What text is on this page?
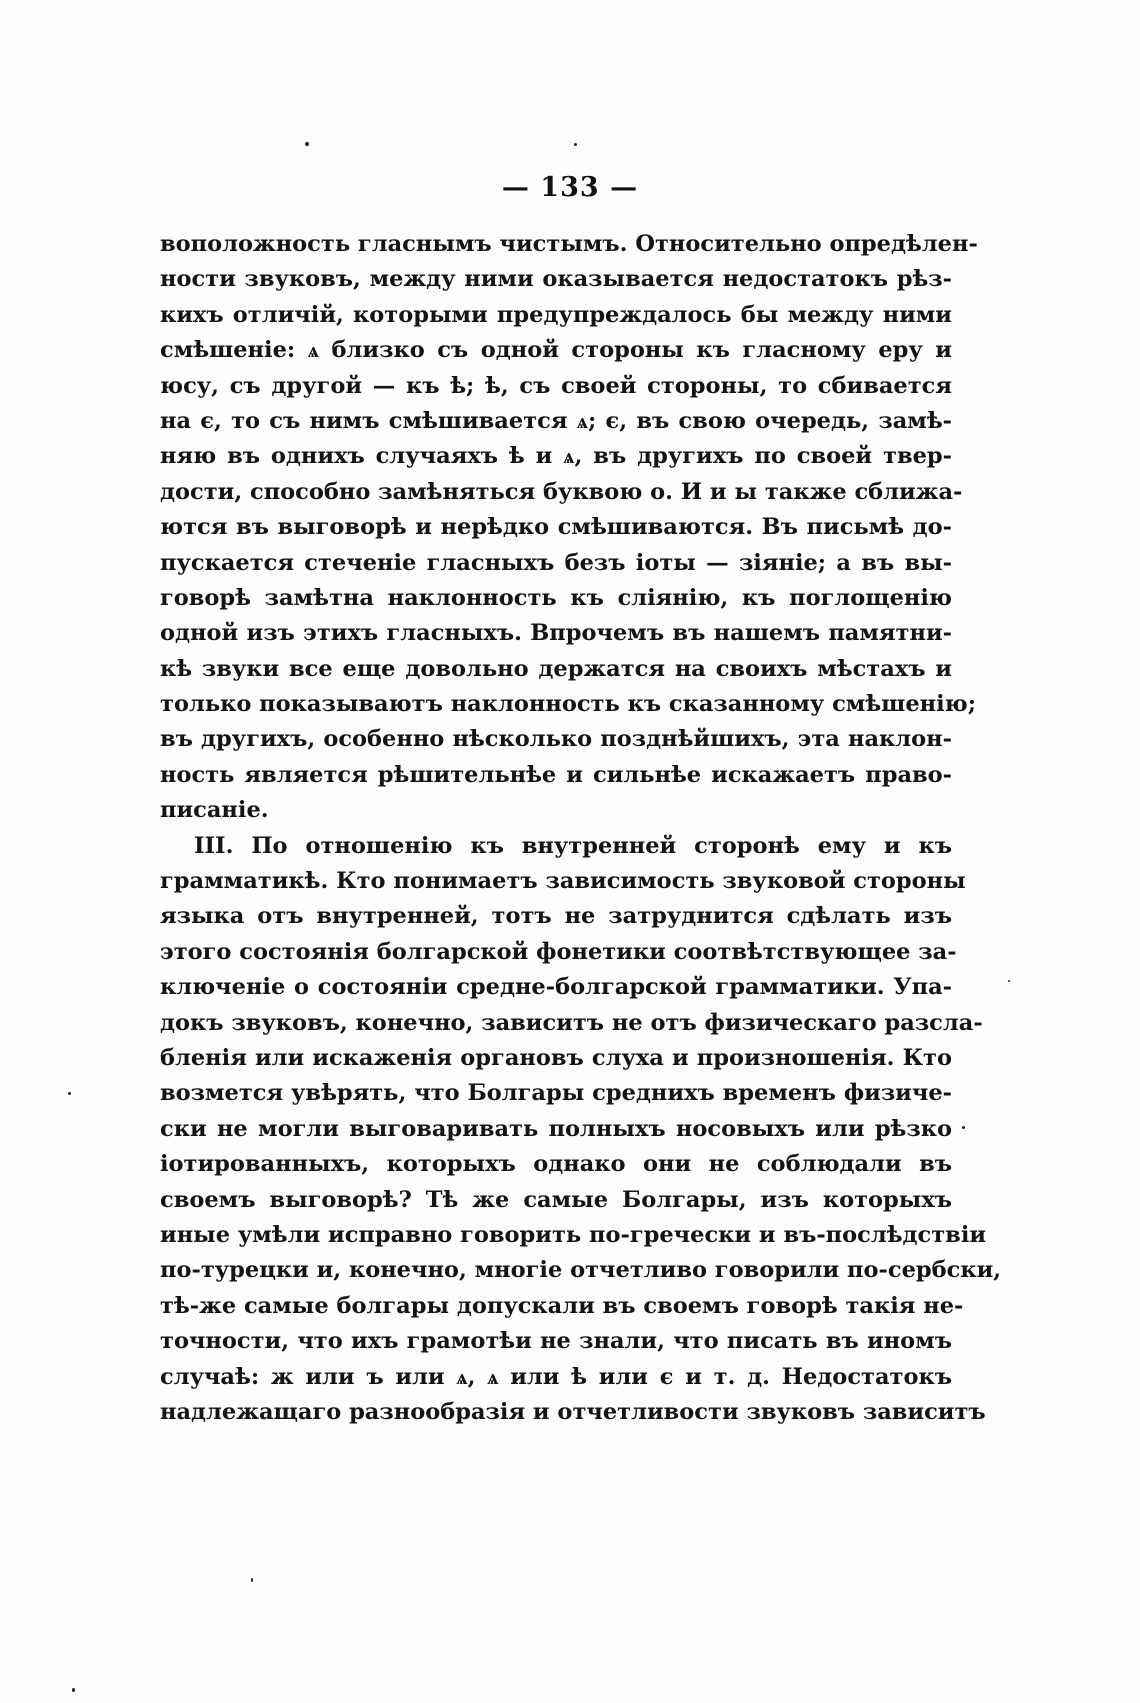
— 133 —
воположность гласнымъ чистымъ. Относительно опредѣлен-
ности звуковъ, между ними оказывается недостатокъ рѣз-
кихъ отличій, которыми предупреждалось бы между ними
смѣшеніе: ѧ близко съ одной стороны къ гласному еру и
юсу, съ другой — къ ѣ; ѣ, съ своей стороны, то сбивается
на є, то съ нимъ смѣшивается ѧ; є, въ свою очередь, замѣ-
няю въ однихъ случаяхъ ѣ и ѧ, въ другихъ по своей твер-
дости, способно замѣняться буквою о. И и ы также сближа-
ются въ выговорѣ и нерѣдко смѣшиваются. Въ письмѣ до-
пускается стеченіе гласныхъ безъ іоты — зіяніе; а въ вы-
говорѣ замѣтна наклонность къ сліянію, къ поглощенію
одной изъ этихъ гласныхъ. Впрочемъ въ нашемъ памятни-
кѣ звуки все еще довольно держатся на своихъ мѣстахъ и
только показываютъ наклонность къ сказанному смѣшенію;
въ другихъ, особенно нѣсколько позднѣйшихъ, эта наклон-
ность является рѣшительнѣе и сильнѣе искажаетъ право-
писаніе.
III. По отношенію къ внутренней сторонѣ ему и къ
грамматикѣ. Кто понимаетъ зависимость звуковой стороны
языка отъ внутренней, тотъ не затруднится сдѣлать изъ
этого состоянія болгарской фонетики соотвѣтствующее за-
ключеніе о состояніи средне-болгарской грамматики. Упа-
докъ звуковъ, конечно, зависитъ не отъ физическаго разсла-
бленія или искаженія органовъ слуха и произношенія. Кто
возмется увѣрять, что Болгары среднихъ временъ физиче-
ски не могли выговаривать полныхъ носовыхъ или рѣзко
іотированныхъ, которыхъ однако они не соблюдали въ
своемъ выговорѣ? Тѣ же самые Болгары, изъ которыхъ
иные умѣли исправно говорить по-гречески и въ-послѣдствіи
по-турецки и, конечно, многіе отчетливо говорили по-сербски,
тѣ-же самые болгары допускали въ своемъ говорѣ такія не-
точности, что ихъ грамотѣи не знали, что писать въ иномъ
случаѣ: ж или ъ или ѧ, ѧ или ѣ или є и т. д. Недостатокъ
надлежащаго разнообразія и отчетливости звуковъ зависитъ
